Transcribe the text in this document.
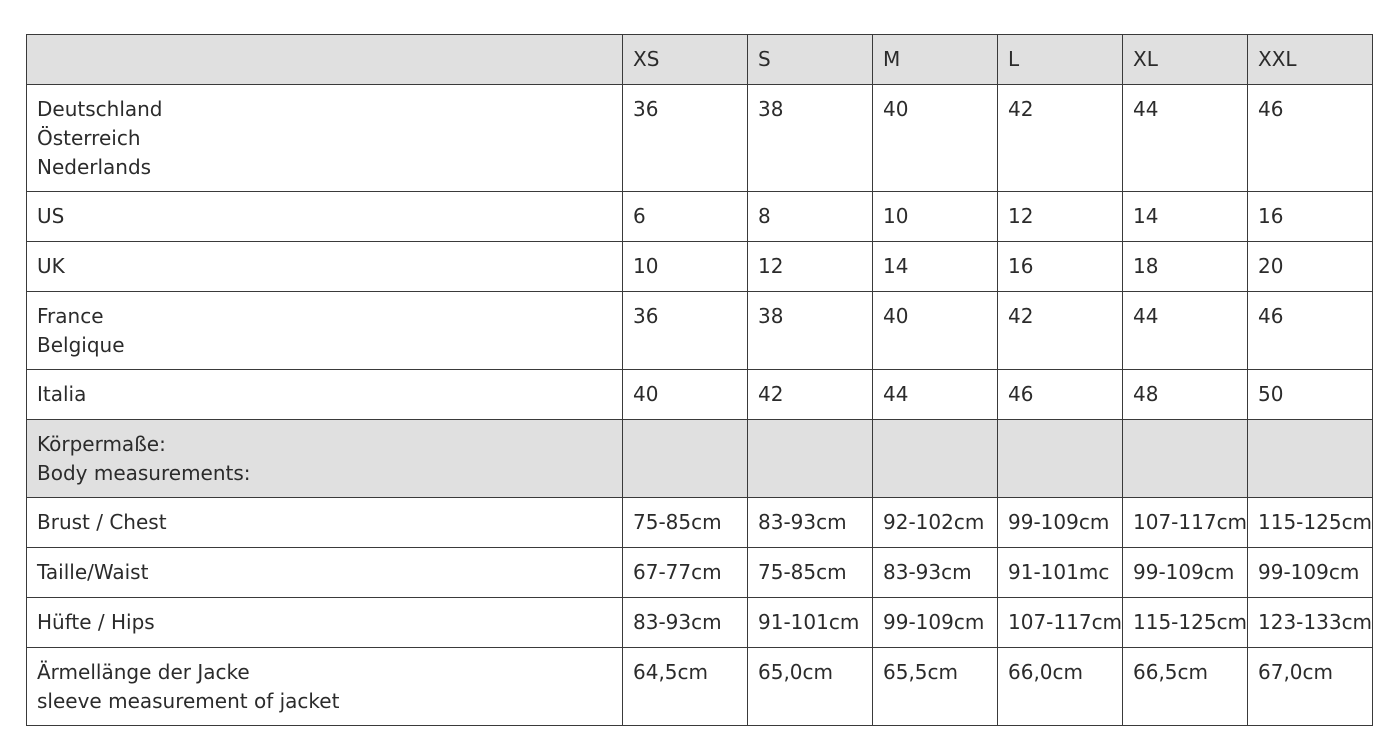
	XS	S	M	L	XL	XXL

Deutschland
Österreich
Nederlands	36	38	40	42	44	46

US	6	8	10	12	14	16

UK	10	12	14	16	18	20

France
Belgique	36	38	40	42	44	46

Italia	40	42	44	46	48	50

Körpermaße:
Body measurements:						

Brust / Chest	75-85cm	83-93cm	92-102cm	99-109cm	107-117cm	115-125cm

Taille/Waist	67-77cm	75-85cm	83-93cm	91-101mc	99-109cm	99-109cm

Hüfte / Hips	83-93cm	91-101cm	99-109cm	107-117cm	115-125cm	123-133cm

Ärmellänge der Jacke
sleeve measurement of jacket	64,5cm	65,0cm	65,5cm	66,0cm	66,5cm	67,0cm
